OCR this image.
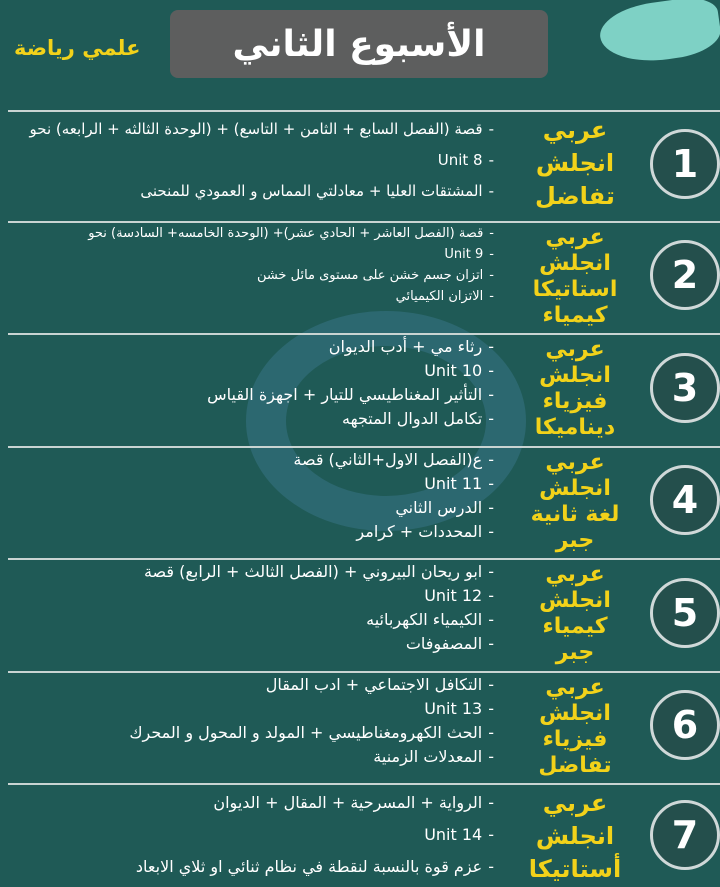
علمي رياضة	الأسبوع الثاني
1
عربي
انجلش
تفاضل
-قصة (الفصل السابع + الثامن + التاسع) + (الوحدة الثالثه + الرابعه) نحو
-Unit 8
-المشتقات العليا + معادلتي المماس و العمودي للمنحنى
2
عربي
انجلش
استاتيكا
كيمياء
-قصة (الفصل العاشر + الحادي عشر)+ (الوحدة الخامسه+ السادسة) نحو
-Unit 9
-اتزان جسم خشن على مستوى مائل خشن
-الاتزان الكيميائي
3
عربي
انجلش
فيزياء
ديناميكا
-رثاء مي + أدب الديوان
-Unit 10
-التأثير المغناطيسي للتيار + اجهزة القياس
-تكامل الدوال المتجهه
4
عربي
انجلش
لغة ثانية
جبر
-ع(الفصل الاول+الثاني) قصة
-Unit 11
-الدرس الثاني
-المحددات + كرامر
5
عربي
انجلش
كيمياء
جبر
-ابو ريحان البيروني + (الفصل الثالث + الرابع) قصة
-Unit 12
-الكيمياء الكهربائيه
-المصفوفات
6
عربي
انجلش
فيزياء
تفاضل
-التكافل الاجتماعي + ادب المقال
-Unit 13
-الحث الكهرومغناطيسي + المولد و المحول و المحرك
-المعدلات الزمنية
7
عربي
انجلش
أستاتيكا
-الرواية + المسرحية + المقال + الديوان
-Unit 14
-عزم قوة بالنسبة لنقطة في نظام ثنائي او ثلاي الابعاد
